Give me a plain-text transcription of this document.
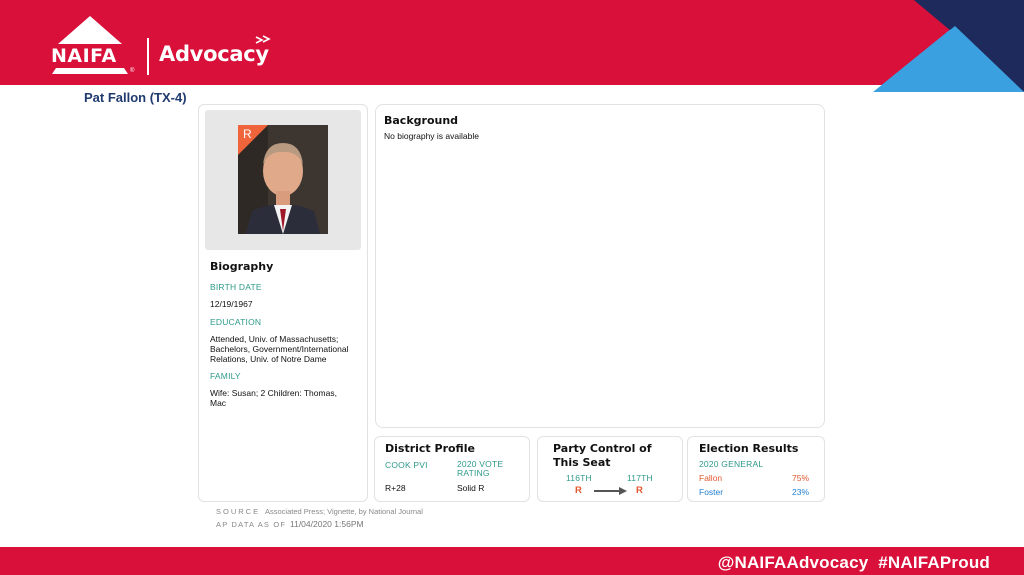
NAIFA
®
Advocacy
Pat Fallon (TX-4)
R
Biography
BIRTH DATE
12/19/1967
EDUCATION
Attended, Univ. of Massachusetts; Bachelors, Government/International Relations, Univ. of Notre Dame
FAMILY
Wife: Susan; 2 Children: Thomas, Mac
Background
No biography is available
District Profile
COOK PVI	2020 VOTE RATING
R+28	Solid R
Party Control of This Seat
116TH	117TH
R	R
Election Results
2020 GENERAL
Fallon	75%
Foster	23%
SOURCE Associated Press; Vignette, by National Journal
AP DATA AS OF 11/04/2020 1:56PM
@NAIFAAdvocacy  #NAIFAProud
